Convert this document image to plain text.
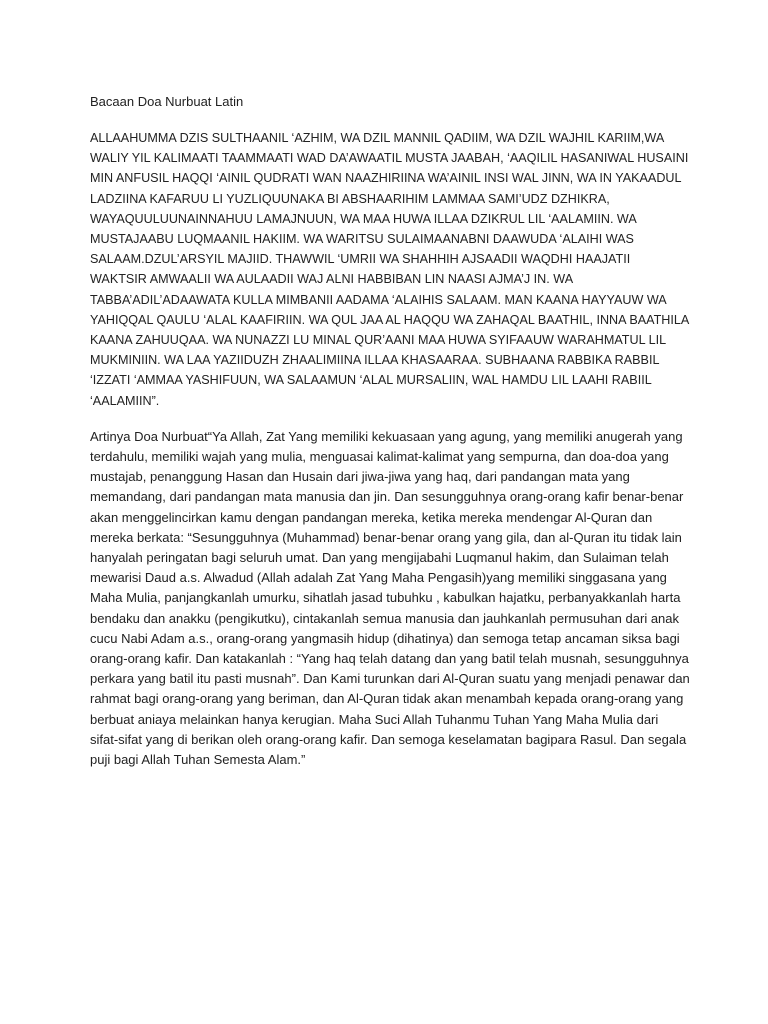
Bacaan Doa Nurbuat Latin

ALLAAHUMMA DZIS SULTHAANIL ‘AZHIM, WA DZIL MANNIL QADIIM, WA DZIL WAJHIL KARIIM,WA WALIY YIL KALIMAATI TAAMMAATI WAD DA’AWAATIL MUSTA JAABAH, ‘AAQILIL HASANIWAL HUSAINI MIN ANFUSIL HAQQI ‘AINIL QUDRATI WAN NAAZHIRIINA WA’AINIL INSI WAL JINN, WA IN YAKAADUL LADZIINA KAFARUU LI YUZLIQUUNAKA BI ABSHAARIHIM LAMMAA SAMI’UDZ DZHIKRA, WAYAQUULUUNAINNAHUU LAMAJNUUN, WA MAA HUWA ILLAA DZIKRUL LIL ‘AALAMIIN. WA MUSTAJAABU LUQMAANIL HAKIIM. WA WARITSU SULAIMAANABNI DAAWUDA ‘ALAIHI WAS SALAAM.DZUL’ARSYIL MAJIID. THAWWIL ‘UMRII WA SHAHHIH AJSAADII WAQDHI HAAJATII WAKTSIR AMWAALII WA AULAADII WAJ ALNI HABBIBAN LIN NAASI AJMA’J IN. WA TABBA’ADIL’ADAAWATA KULLA MIMBANII AADAMA ‘ALAIHIS SALAAM. MAN KAANA HAYYAUW WA YAHIQQAL QAULU ‘ALAL KAAFIRIIN. WA QUL JAA AL HAQQU WA ZAHAQAL BAATHIL, INNA BAATHILA KAANA ZAHUUQAA. WA NUNAZZI LU MINAL QUR’AANI MAA HUWA SYIFAAUW WARAHMATUL LIL MUKMINIIN. WA LAA YAZIIDUZH ZHAALIMIINA ILLAA KHASAARAA. SUBHAANA RABBIKA RABBIL ‘IZZATI ‘AMMAA YASHIFUUN, WA SALAAMUN ‘ALAL MURSALIIN, WAL HAMDU LIL LAAHI RABIIL ‘AALAMIIN”.

Artinya Doa Nurbuat“Ya Allah, Zat Yang memiliki kekuasaan yang agung, yang memiliki anugerah yang terdahulu, memiliki wajah yang mulia, menguasai kalimat-kalimat yang sempurna, dan doa-doa yang mustajab, penanggung Hasan dan Husain dari jiwa-jiwa yang haq, dari pandangan mata yang memandang, dari pandangan mata manusia dan jin. Dan sesungguhnya orang-orang kafir benar-benar akan menggelincirkan kamu dengan pandangan mereka, ketika mereka mendengar Al-Quran dan mereka berkata: “Sesungguhnya (Muhammad) benar-benar orang yang gila, dan al-Quran itu tidak lain hanyalah peringatan bagi seluruh umat. Dan yang mengijabahi Luqmanul hakim, dan Sulaiman telah mewarisi Daud a.s. Alwadud (Allah adalah Zat Yang Maha Pengasih)yang memiliki singgasana yang Maha Mulia, panjangkanlah umurku, sihatlah jasad tubuhku , kabulkan hajatku, perbanyakkanlah harta bendaku dan anakku (pengikutku), cintakanlah semua manusia dan jauhkanlah permusuhan dari anak cucu Nabi Adam a.s., orang-orang yangmasih hidup (dihatinya) dan semoga tetap ancaman siksa bagi orang-orang kafir. Dan katakanlah : “Yang haq telah datang dan yang batil telah musnah, sesungguhnya perkara yang batil itu pasti musnah”. Dan Kami turunkan dari Al-Quran suatu yang menjadi penawar dan rahmat bagi orang-orang yang beriman, dan Al-Quran tidak akan menambah kepada orang-orang yang berbuat aniaya melainkan hanya kerugian. Maha Suci Allah Tuhanmu Tuhan Yang Maha Mulia dari sifat-sifat yang di berikan oleh orang-orang kafir. Dan semoga keselamatan bagipara Rasul. Dan segala puji bagi Allah Tuhan Semesta Alam.”
